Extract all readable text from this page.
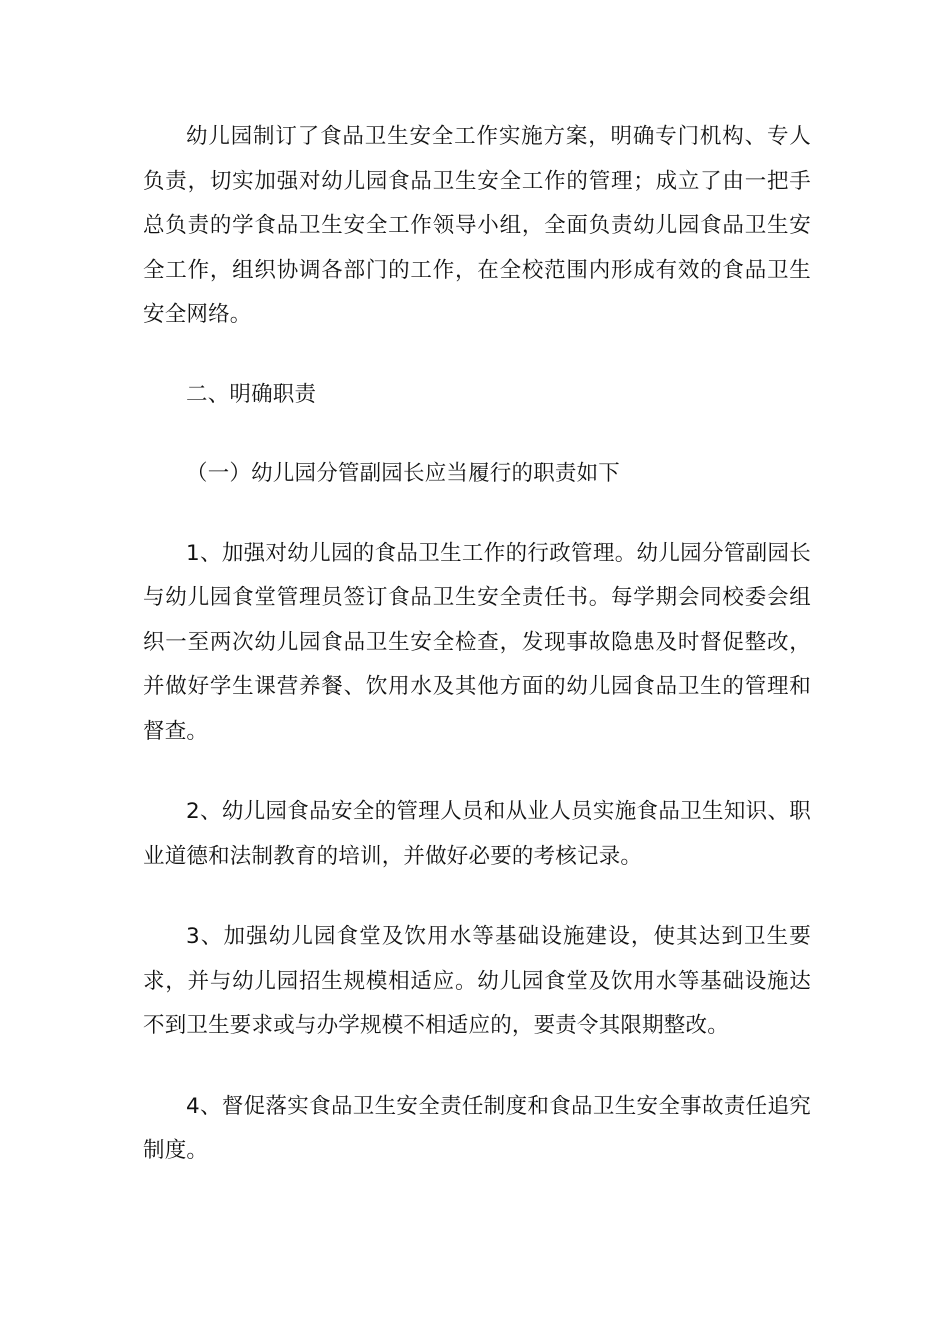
幼儿园制订了食品卫生安全工作实施方案，明确专门机构、专人负责，切实加强对幼儿园食品卫生安全工作的管理；成立了由一把手总负责的学食品卫生安全工作领导小组，全面负责幼儿园食品卫生安全工作，组织协调各部门的工作，在全校范围内形成有效的食品卫生安全网络。

二、明确职责

（一）幼儿园分管副园长应当履行的职责如下

1、加强对幼儿园的食品卫生工作的行政管理。幼儿园分管副园长与幼儿园食堂管理员签订食品卫生安全责任书。每学期会同校委会组织一至两次幼儿园食品卫生安全检查，发现事故隐患及时督促整改，并做好学生课营养餐、饮用水及其他方面的幼儿园食品卫生的管理和督查。

2、幼儿园食品安全的管理人员和从业人员实施食品卫生知识、职业道德和法制教育的培训，并做好必要的考核记录。

3、加强幼儿园食堂及饮用水等基础设施建设，使其达到卫生要求，并与幼儿园招生规模相适应。幼儿园食堂及饮用水等基础设施达不到卫生要求或与办学规模不相适应的，要责令其限期整改。

4、督促落实食品卫生安全责任制度和食品卫生安全事故责任追究制度。
